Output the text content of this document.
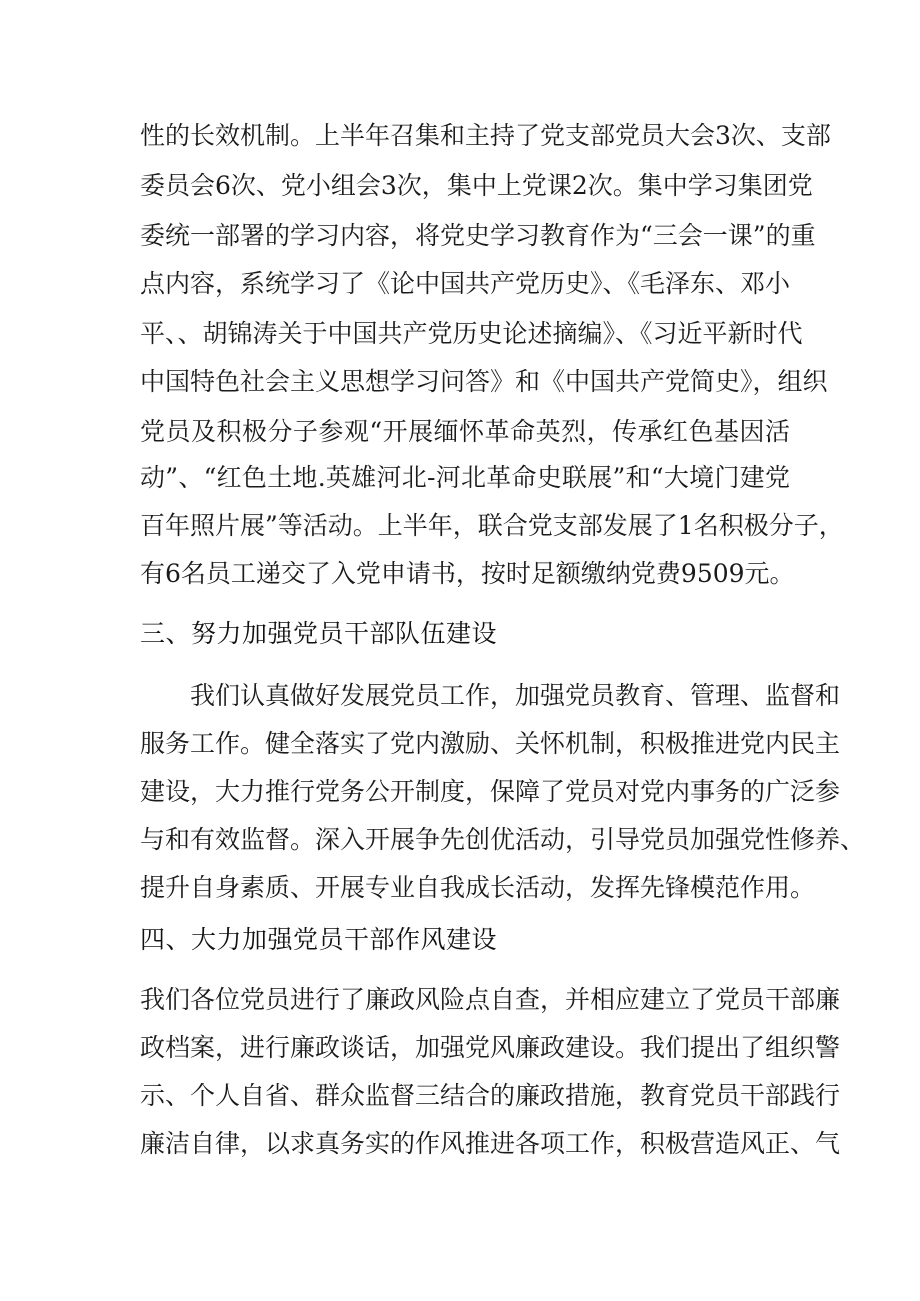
性的长效机制。上半年召集和主持了党支部党员大会3次、支部
委员会6次、党小组会3次，集中上党课2次。集中学习集团党
委统一部署的学习内容，将党史学习教育作为“三会一课”的重
点内容，系统学习了《论中国共产党历史》、《毛泽东、邓小
平、、胡锦涛关于中国共产党历史论述摘编》、《习近平新时代
中国特色社会主义思想学习问答》和《中国共产党简史》，组织
党员及积极分子参观“开展缅怀革命英烈，传承红色基因活
动”、“红色土地.英雄河北-河北革命史联展”和“大境门建党
百年照片展”等活动。上半年，联合党支部发展了1名积极分子，
有6名员工递交了入党申请书，按时足额缴纳党费9509元。
三、努力加强党员干部队伍建设
我们认真做好发展党员工作，加强党员教育、管理、监督和
服务工作。健全落实了党内激励、关怀机制，积极推进党内民主
建设，大力推行党务公开制度，保障了党员对党内事务的广泛参
与和有效监督。深入开展争先创优活动，引导党员加强党性修养、
提升自身素质、开展专业自我成长活动，发挥先锋模范作用。
四、大力加强党员干部作风建设
我们各位党员进行了廉政风险点自查，并相应建立了党员干部廉
政档案，进行廉政谈话，加强党风廉政建设。我们提出了组织警
示、个人自省、群众监督三结合的廉政措施，教育党员干部践行
廉洁自律，以求真务实的作风推进各项工作，积极营造风正、气
